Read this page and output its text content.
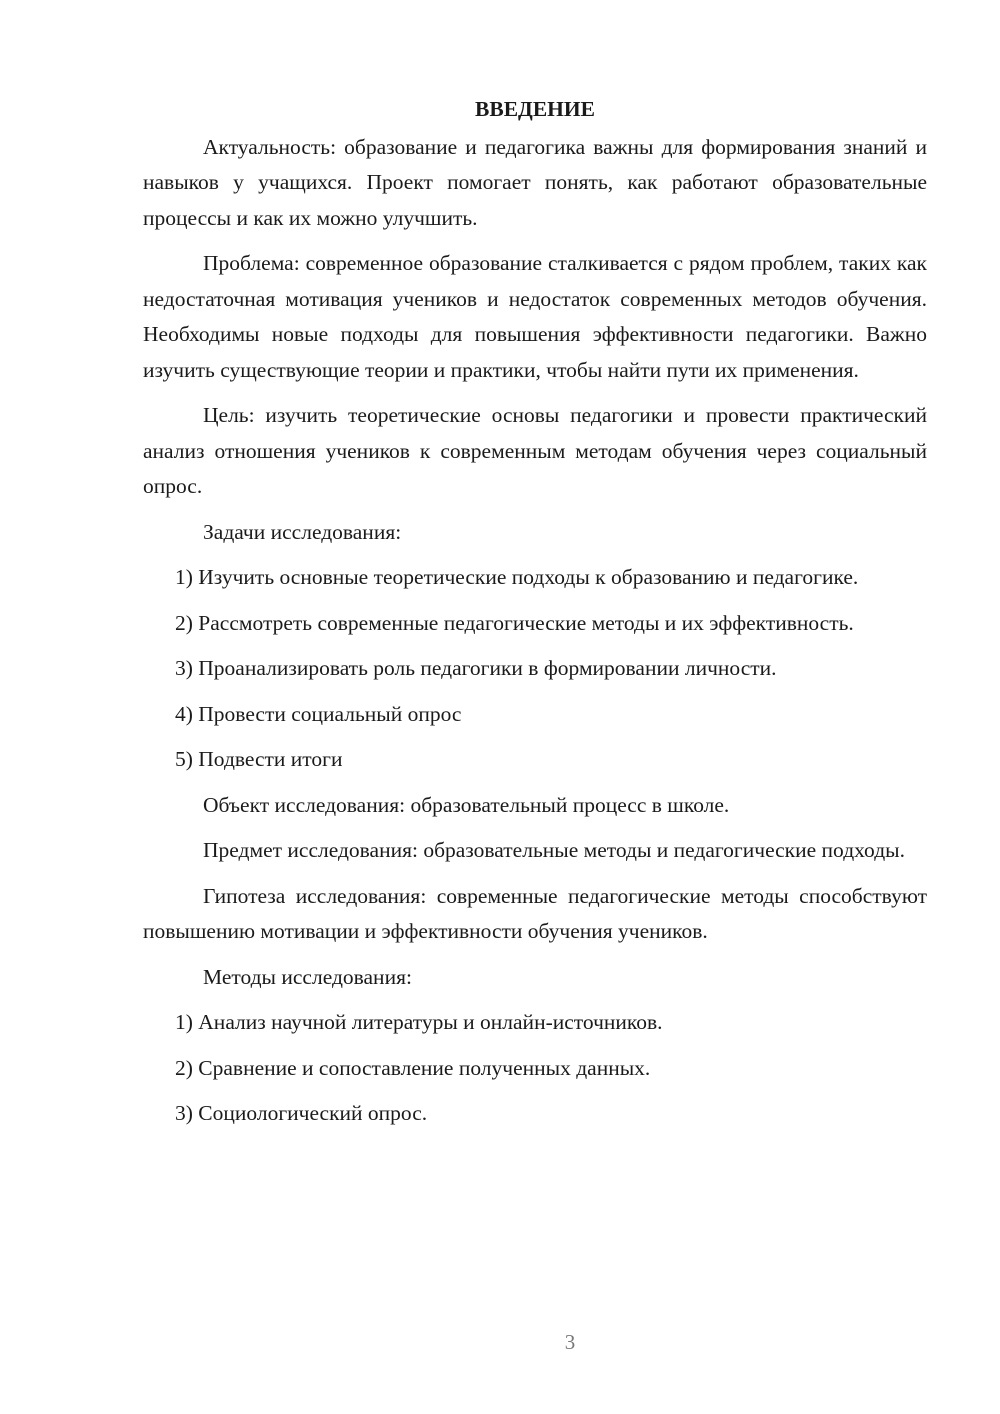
ВВЕДЕНИЕ

Актуальность: образование и педагогика важны для формирования знаний и навыков у учащихся. Проект помогает понять, как работают образовательные процессы и как их можно улучшить.

Проблема: современное образование сталкивается с рядом проблем, таких как недостаточная мотивация учеников и недостаток современных методов обучения. Необходимы новые подходы для повышения эффективности педагогики. Важно изучить существующие теории и практики, чтобы найти пути их применения.

Цель: изучить теоретические основы педагогики и провести практический анализ отношения учеников к современным методам обучения через социальный опрос.

Задачи исследования:

1) Изучить основные теоретические подходы к образованию и педагогике.

2) Рассмотреть современные педагогические методы и их эффективность.

3) Проанализировать роль педагогики в формировании личности.

4) Провести социальный опрос

5) Подвести итоги

Объект исследования: образовательный процесс в школе.

Предмет исследования: образовательные методы и педагогические подходы.

Гипотеза исследования: современные педагогические методы способствуют повышению мотивации и эффективности обучения учеников.

Методы исследования:

1) Анализ научной литературы и онлайн-источников.

2) Сравнение и сопоставление полученных данных.

3) Социологический опрос.

3
